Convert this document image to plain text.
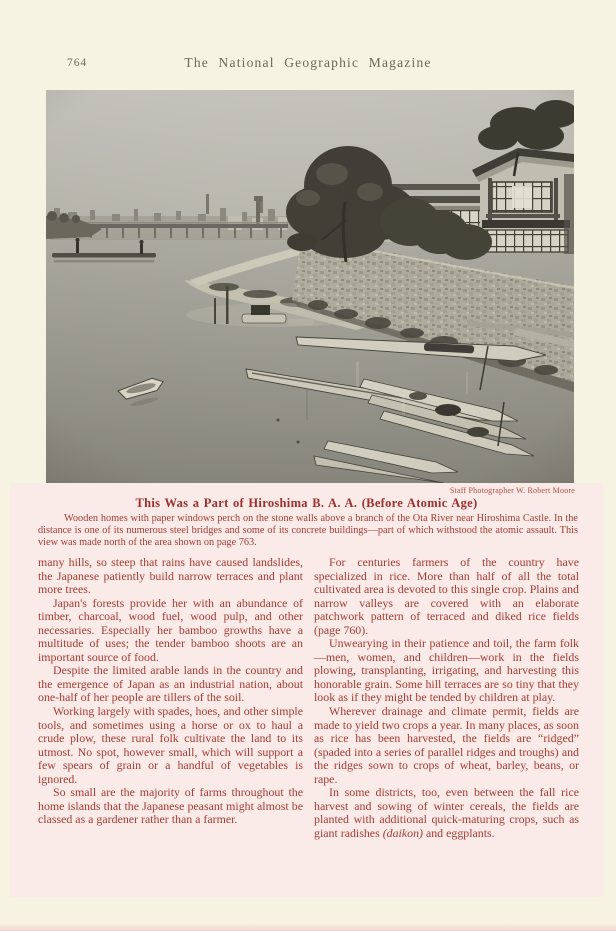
764	The National Geographic Magazine
Staff Photographer W. Robert Moore
This Was a Part of Hiroshima B. A. A. (Before Atomic Age)

Wooden homes with paper windows perch on the stone walls above a branch of the Ota River near Hiroshima Castle. In the distance is one of its numerous steel bridges and some of its concrete buildings—part of which withstood the atomic assault. This view was made north of the area shown on page 763.

many hills, so steep that rains have caused landslides, the Japanese patiently build narrow terraces and plant more trees.

Japan's forests provide her with an abundance of timber, charcoal, wood fuel, wood pulp, and other necessaries. Especially her bamboo growths have a multitude of uses; the tender bamboo shoots are an important source of food.

Despite the limited arable lands in the country and the emergence of Japan as an industrial nation, about one-half of her people are tillers of the soil.

Working largely with spades, hoes, and other simple tools, and sometimes using a horse or ox to haul a crude plow, these rural folk cultivate the land to its utmost. No spot, however small, which will support a few spears of grain or a handful of vegetables is ignored.

So small are the majority of farms throughout the home islands that the Japanese peasant might almost be classed as a gardener rather than a farmer.

For centuries farmers of the country have specialized in rice. More than half of all the total cultivated area is devoted to this single crop. Plains and narrow valleys are covered with an elaborate patchwork pattern of terraced and diked rice fields (page 760).

Unwearying in their patience and toil, the farm folk—men, women, and children—work in the fields plowing, transplanting, irrigating, and harvesting this honorable grain. Some hill terraces are so tiny that they look as if they might be tended by children at play.

Wherever drainage and climate permit, fields are made to yield two crops a year. In many places, as soon as rice has been harvested, the fields are “ridged” (spaded into a series of parallel ridges and troughs) and the ridges sown to crops of wheat, barley, beans, or rape.

In some districts, too, even between the fall rice harvest and sowing of winter cereals, the fields are planted with additional quick-maturing crops, such as giant radishes (daikon) and eggplants.
